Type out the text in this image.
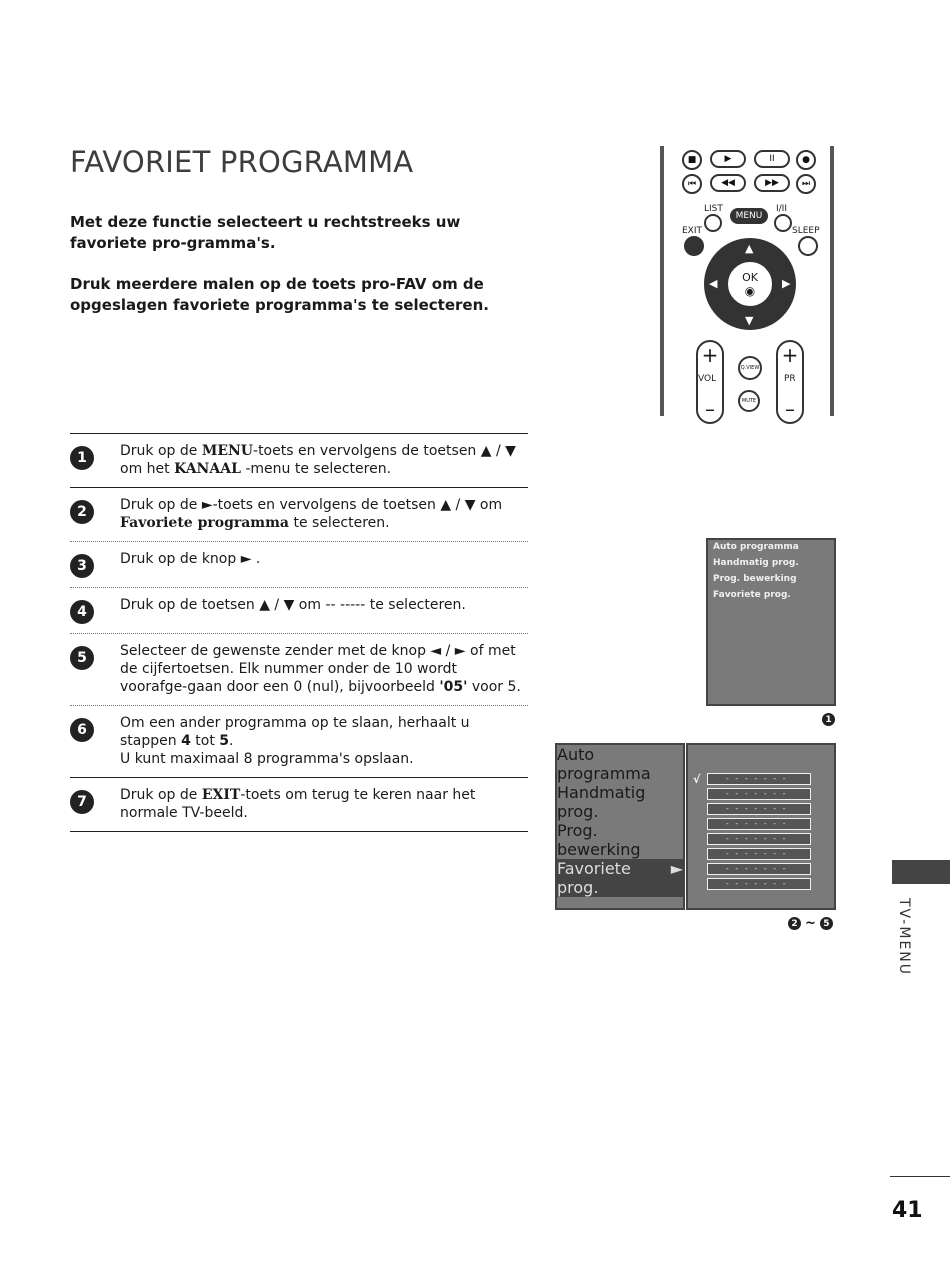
FAVORIET PROGRAMMA

Met deze functie selecteert u rechtstreeks uw favoriete pro-gramma's.

Druk meerdere malen op de toets pro-FAV om de opgeslagen favoriete programma's te selecteren.

1	Druk op de MENU-toets en vervolgens de toetsen ▲ / ▼ om het KANAAL -menu te selecteren.
2	Druk op de ►-toets en vervolgens de toetsen ▲ / ▼ om Favoriete programma te selecteren.
3	Druk op de knop ► .
4	Druk op de toetsen ▲ / ▼ om -- ----- te selecteren.
5	Selecteer de gewenste zender met de knop ◄ / ► of met de cijfertoetsen. Elk nummer onder de 10 wordt voorafge-gaan door een 0 (nul), bijvoorbeeld '05' voor 5.
6	Om een ander programma op te slaan, herhaalt u stappen 4 tot 5.
U kunt maximaal 8 programma's opslaan.
7	Druk op de EXIT-toets om terug te keren naar het normale TV-beeld.
■	▶	II	●
⏮	◀◀	▶▶	⏭
LIST
MENU
I/II
EXIT	SLEEP
▲
▼
◀	▶
OK
◉
+
–
VOL
Q.VIEW
MUTE
+
–
PR
Auto programma
Handmatig prog.
Prog. bewerking
Favoriete prog.
1
Auto programma
Handmatig prog.
Prog. bewerking
Favoriete prog.
►
√	- - - - - - -
- - - - - - -
- - - - - - -
- - - - - - -
- - - - - - -
- - - - - - -
- - - - - - -
- - - - - - -
2 ~ 5	TV-MENU
41
